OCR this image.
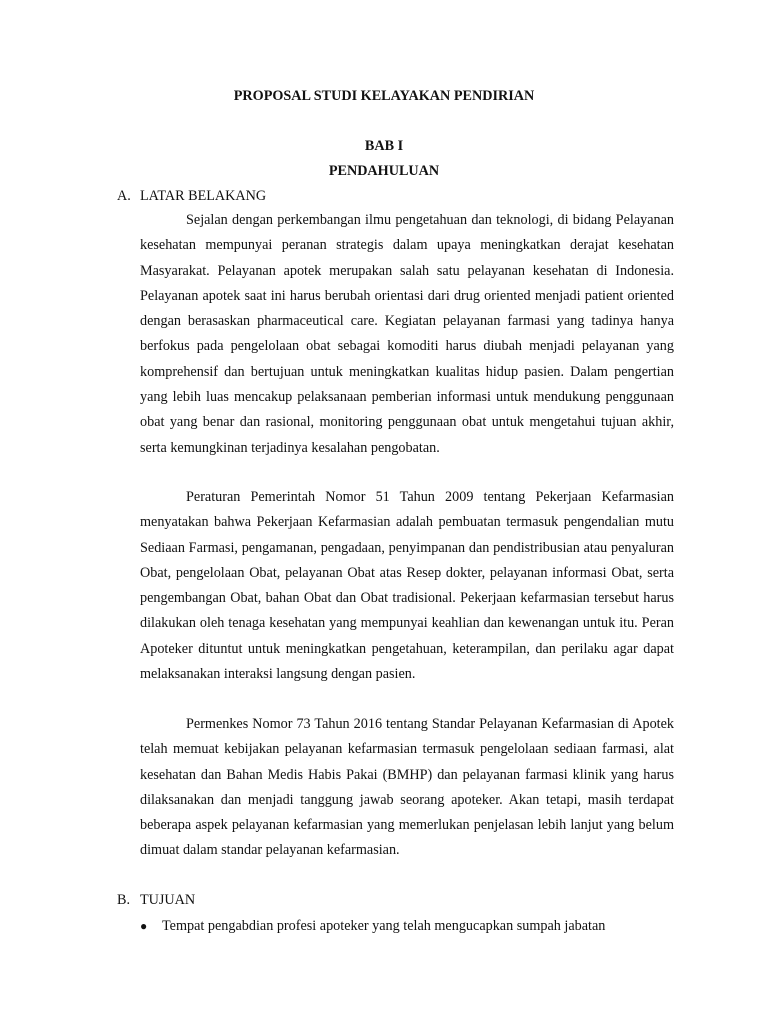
PROPOSAL STUDI KELAYAKAN PENDIRIAN
BAB I
PENDAHULUAN
A. LATAR BELAKANG

Sejalan dengan perkembangan ilmu pengetahuan dan teknologi, di bidang Pelayanan kesehatan mempunyai peranan strategis dalam upaya meningkatkan derajat kesehatan Masyarakat. Pelayanan apotek merupakan salah satu pelayanan kesehatan di Indonesia. Pelayanan apotek saat ini harus berubah orientasi dari drug oriented menjadi patient oriented dengan berasaskan pharmaceutical care. Kegiatan pelayanan farmasi yang tadinya hanya berfokus pada pengelolaan obat sebagai komoditi harus diubah menjadi pelayanan yang komprehensif dan bertujuan untuk meningkatkan kualitas hidup pasien. Dalam pengertian yang lebih luas mencakup pelaksanaan pemberian informasi untuk mendukung penggunaan obat yang benar dan rasional, monitoring penggunaan obat untuk mengetahui tujuan akhir, serta kemungkinan terjadinya kesalahan pengobatan.

Peraturan Pemerintah Nomor 51 Tahun 2009 tentang Pekerjaan Kefarmasian menyatakan bahwa Pekerjaan Kefarmasian adalah pembuatan termasuk pengendalian mutu Sediaan Farmasi, pengamanan, pengadaan, penyimpanan dan pendistribusian atau penyaluran Obat, pengelolaan Obat, pelayanan Obat atas Resep dokter, pelayanan informasi Obat, serta pengembangan Obat, bahan Obat dan Obat tradisional. Pekerjaan kefarmasian tersebut harus dilakukan oleh tenaga kesehatan yang mempunyai keahlian dan kewenangan untuk itu. Peran Apoteker dituntut untuk meningkatkan pengetahuan, keterampilan, dan perilaku agar dapat melaksanakan interaksi langsung dengan pasien.

Permenkes Nomor 73 Tahun 2016 tentang Standar Pelayanan Kefarmasian di Apotek telah memuat kebijakan pelayanan kefarmasian termasuk pengelolaan sediaan farmasi, alat kesehatan dan Bahan Medis Habis Pakai (BMHP) dan pelayanan farmasi klinik yang harus dilaksanakan dan menjadi tanggung jawab seorang apoteker. Akan tetapi, masih terdapat beberapa aspek pelayanan kefarmasian yang memerlukan penjelasan lebih lanjut yang belum dimuat dalam standar pelayanan kefarmasian.

B. TUJUAN
● Tempat pengabdian profesi apoteker yang telah mengucapkan sumpah jabatan
